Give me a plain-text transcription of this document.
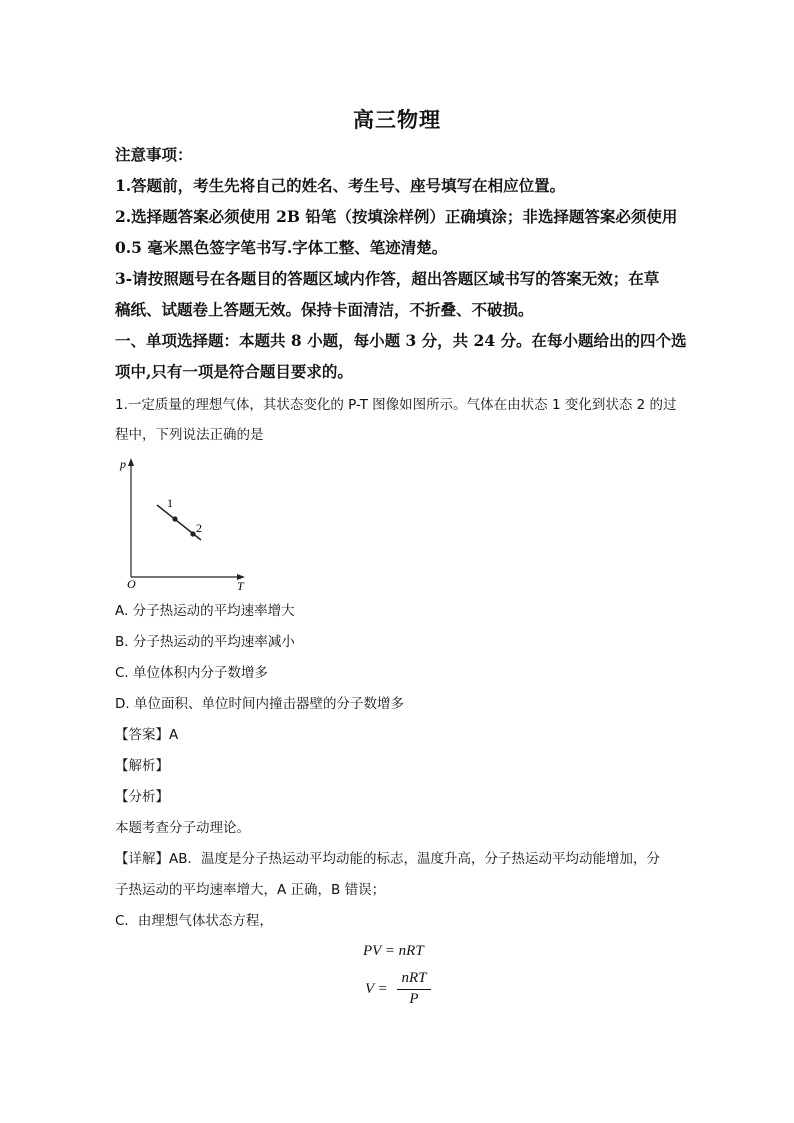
高三物理
注意事项：
1.答题前，考生先将自己的姓名、考生号、座号填写在相应位置。
2.选择题答案必须使用 2B 铅笔（按填涂样例）正确填涂；非选择题答案必须使用
0.5 毫米黑色签字笔书写.字体工整、笔迹清楚。
3-请按照题号在各题目的答题区域内作答，超出答题区域书写的答案无效；在草
稿纸、试题卷上答题无效。保持卡面清洁，不折叠、不破损。
一、单项选择题：本题共 8 小题，每小题 3 分，共 24 分。在每小题给出的四个选
项中,只有一项是符合题目要求的。
1.一定质量的理想气体，其状态变化的 P-T 图像如图所示。气体在由状态 1 变化到状态 2 的过
程中，下列说法正确的是
p
T
O
1
2
A. 分子热运动的平均速率增大
B. 分子热运动的平均速率减小
C. 单位体积内分子数增多
D. 单位面积、单位时间内撞击器壁的分子数增多
【答案】A
【解析】
【分析】
本题考查分子动理论。
【详解】AB．温度是分子热运动平均动能的标志，温度升高，分子热运动平均动能增加，分
子热运动的平均速率增大，A 正确，B 错误；
C．由理想气体状态方程，
PV = nRT
V =
nRT
P
